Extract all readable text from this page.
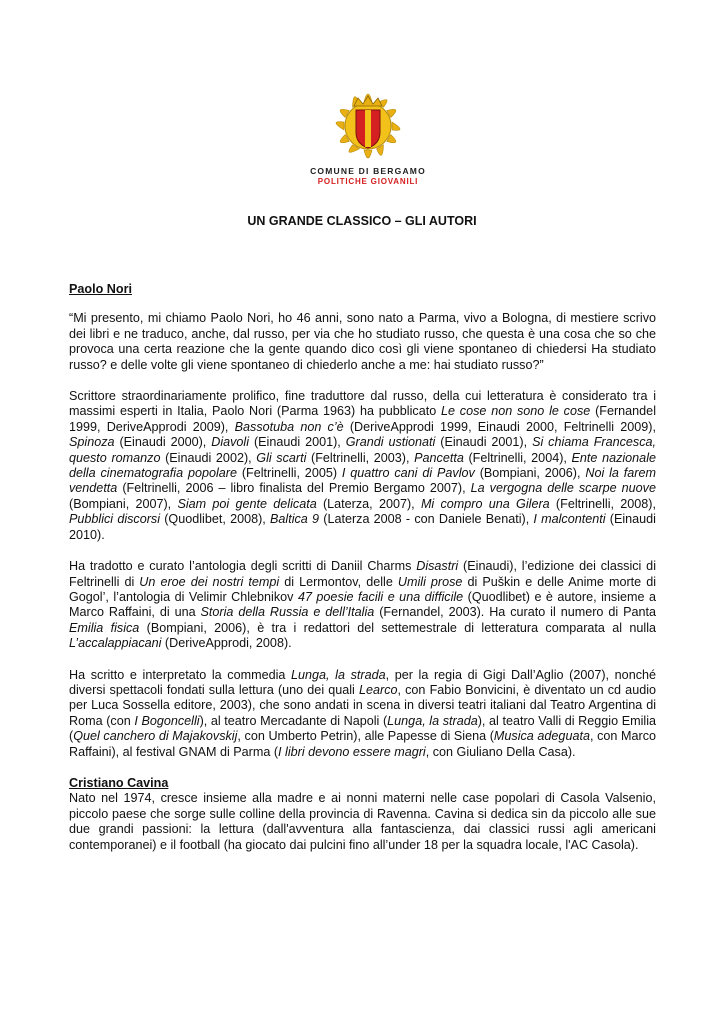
COMUNE DI BERGAMO
POLITICHE GIOVANILI
UN GRANDE CLASSICO – GLI AUTORI

Paolo Nori

“Mi presento, mi chiamo Paolo Nori, ho 46 anni, sono nato a Parma, vivo a Bologna, di mestiere scrivo dei libri e ne traduco, anche, dal russo, per via che ho studiato russo, che questa è una cosa che so che provoca una certa reazione che la gente quando dico così gli viene spontaneo di chiedersi Ha studiato russo? e delle volte gli viene spontaneo di chiederlo anche a me: hai studiato russo?”

Scrittore straordinariamente prolifico, fine traduttore dal russo, della cui letteratura è considerato tra i massimi esperti in Italia, Paolo Nori (Parma 1963) ha pubblicato Le cose non sono le cose (Fernandel 1999, DeriveApprodi 2009), Bassotuba non c’è (DeriveApprodi 1999, Einaudi 2000, Feltrinelli 2009), Spinoza (Einaudi 2000), Diavoli (Einaudi 2001), Grandi ustionati (Einaudi 2001), Si chiama Francesca, questo romanzo (Einaudi 2002), Gli scarti (Feltrinelli, 2003), Pancetta (Feltrinelli, 2004), Ente nazionale della cinematografia popolare (Feltrinelli, 2005) I quattro cani di Pavlov (Bompiani, 2006), Noi la farem vendetta (Feltrinelli, 2006 – libro finalista del Premio Bergamo 2007), La vergogna delle scarpe nuove (Bompiani, 2007), Siam poi gente delicata (Laterza, 2007), Mi compro una Gilera (Feltrinelli, 2008), Pubblici discorsi (Quodlibet, 2008), Baltica 9 (Laterza 2008 - con Daniele Benati), I malcontenti (Einaudi 2010).

Ha tradotto e curato l’antologia degli scritti di Daniil Charms Disastri (Einaudi), l’edizione dei classici di Feltrinelli di Un eroe dei nostri tempi di Lermontov, delle Umili prose di Puškin e delle Anime morte di Gogol’, l’antologia di Velimir Chlebnikov 47 poesie facili e una difficile (Quodlibet) e è autore, insieme a Marco Raffaini, di una Storia della Russia e dell’Italia (Fernandel, 2003). Ha curato il numero di Panta Emilia fisica (Bompiani, 2006), è tra i redattori del settemestrale di letteratura comparata al nulla L’accalappiacani (DeriveApprodi, 2008).

Ha scritto e interpretato la commedia Lunga, la strada, per la regia di Gigi Dall’Aglio (2007), nonché diversi spettacoli fondati sulla lettura (uno dei quali Learco, con Fabio Bonvicini, è diventato un cd audio per Luca Sossella editore, 2003), che sono andati in scena in diversi teatri italiani dal Teatro Argentina di Roma (con I Bogoncelli), al teatro Mercadante di Napoli (Lunga, la strada), al teatro Valli di Reggio Emilia (Quel canchero di Majakovskij, con Umberto Petrin), alle Papesse di Siena (Musica adeguata, con Marco Raffaini), al festival GNAM di Parma (I libri devono essere magri, con Giuliano Della Casa).

Cristiano Cavina

Nato nel 1974, cresce insieme alla madre e ai nonni materni nelle case popolari di Casola Valsenio, piccolo paese che sorge sulle colline della provincia di Ravenna. Cavina si dedica sin da piccolo alle sue due grandi passioni: la lettura (dall'avventura alla fantascienza, dai classici russi agli americani contemporanei) e il football (ha giocato dai pulcini fino all’under 18 per la squadra locale, l'AC Casola).
